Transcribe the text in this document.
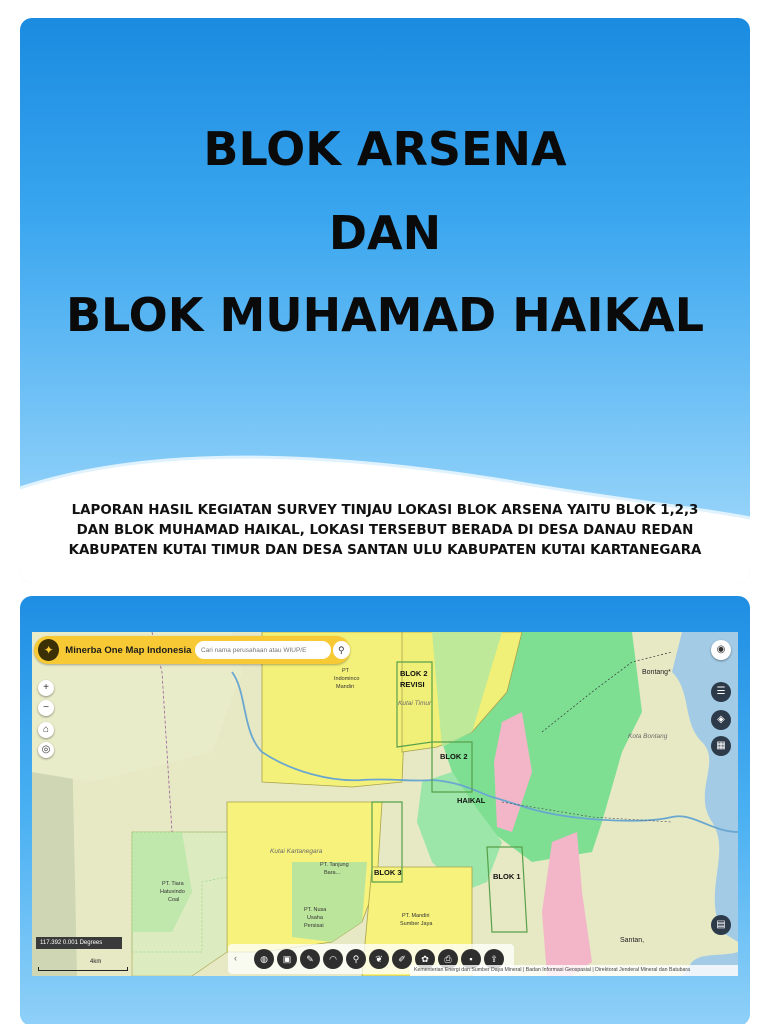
BLOK ARSENA
DAN
BLOK MUHAMAD HAIKAL
LAPORAN HASIL KEGIATAN SURVEY TINJAU LOKASI BLOK ARSENA YAITU BLOK 1,2,3
DAN BLOK MUHAMAD HAIKAL, LOKASI TERSEBUT BERADA DI DESA DANAU REDAN
KABUPATEN KUTAI TIMUR DAN DESA SANTAN ULU KABUPATEN KUTAI KARTANEGARA
BLOK 2
REVISI
BLOK 2
HAIKAL
BLOK 3	BLOK 1
PT
Indominco
Mandiri
PT. Tanjung
Bara...
PT. Tiara
Hatuvindo
Coal
PT. Nusa
Usaha
Persisai
PT. Mandiri
Sumber Jaya
Kutai Timur
Kutai Kartanegara
Bontang*
Kota Bontang
Santan,
✦	Minerba One Map Indonesia
Cari nama perusahaan atau WIUP/E	⚲
+
−
⌂
◎
◉
☰
◈
▦
▤
117.392 0.001 Degrees
4km	‹	◍	▣	✎	◠	⚲	❦	✐	✿	⎙	▪	⇪
Kementerian Energi dan Sumber Daya Mineral | Badan Informasi Geospasial | Direktorat Jenderal Mineral dan Batubara
